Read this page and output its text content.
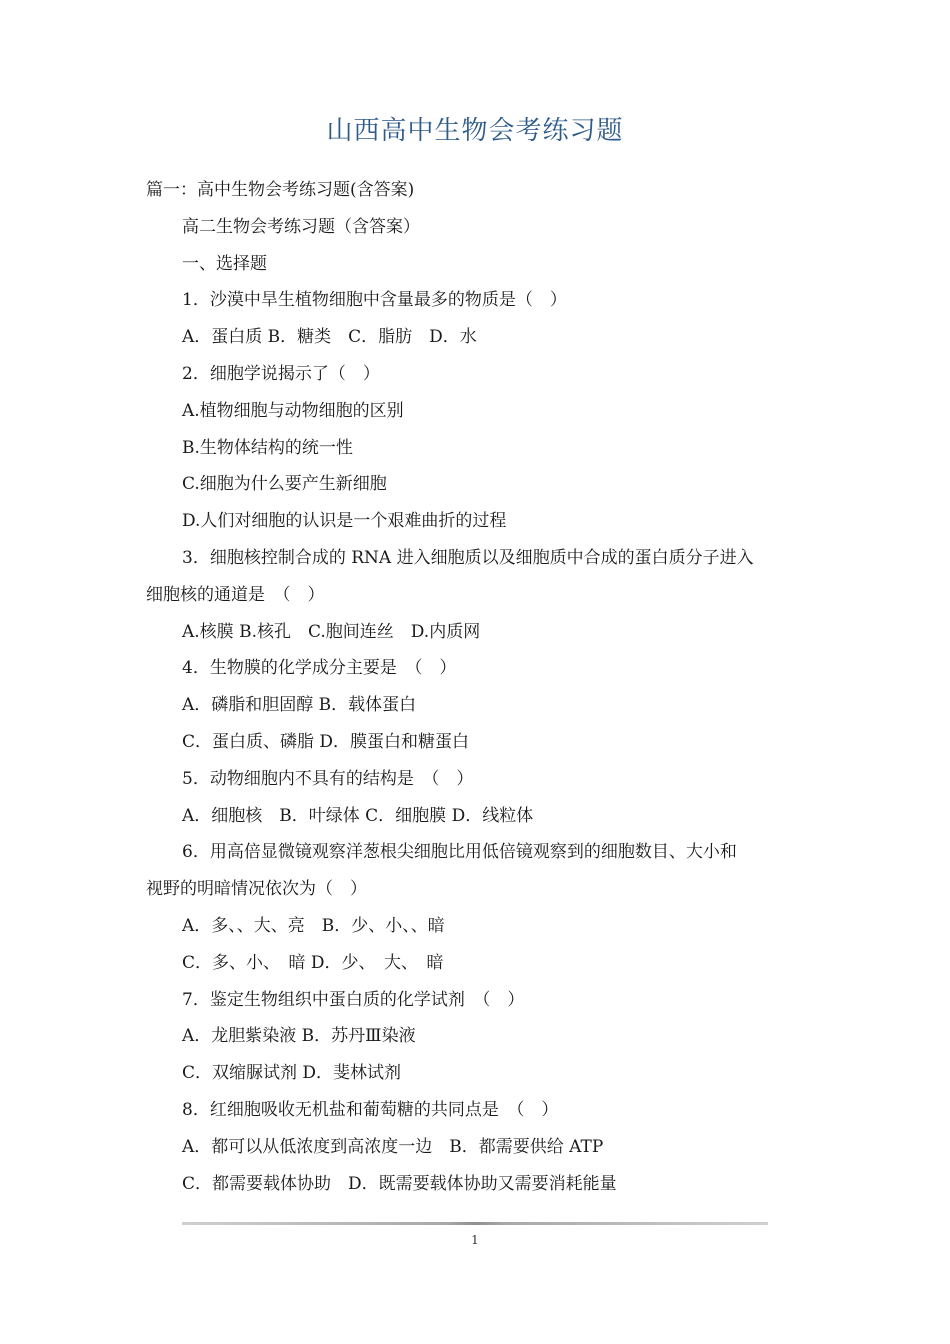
山西高中生物会考练习题
篇一：高中生物会考练习题(含答案)
高二生物会考练习题（含答案）
一、选择题
1．沙漠中旱生植物细胞中含量最多的物质是（　）
A．蛋白质 B．糖类　C．脂肪　D．水
2．细胞学说揭示了（　）
A.植物细胞与动物细胞的区别
B.生物体结构的统一性
C.细胞为什么要产生新细胞
D.人们对细胞的认识是一个艰难曲折的过程
3．细胞核控制合成的 RNA 进入细胞质以及细胞质中合成的蛋白质分子进入
细胞核的通道是　（　）
A.核膜 B.核孔　C.胞间连丝　D.内质网
4．生物膜的化学成分主要是　（　）
A．磷脂和胆固醇 B．载体蛋白
C．蛋白质、磷脂 D．膜蛋白和糖蛋白
5．动物细胞内不具有的结构是　（　）
A．细胞核　B．叶绿体 C．细胞膜 D．线粒体
6．用高倍显微镜观察洋葱根尖细胞比用低倍镜观察到的细胞数目、大小和
视野的明暗情况依次为（　）
A．多、、大、亮　B．少、小、、暗
C．多、小、　暗 D．少、　大、　暗
7．鉴定生物组织中蛋白质的化学试剂　（　）
A．龙胆紫染液 B．苏丹Ⅲ染液
C．双缩脲试剂 D．斐林试剂
8．红细胞吸收无机盐和葡萄糖的共同点是　（　）
A．都可以从低浓度到高浓度一边　B．都需要供给 ATP
C．都需要载体协助　D．既需要载体协助又需要消耗能量
1
